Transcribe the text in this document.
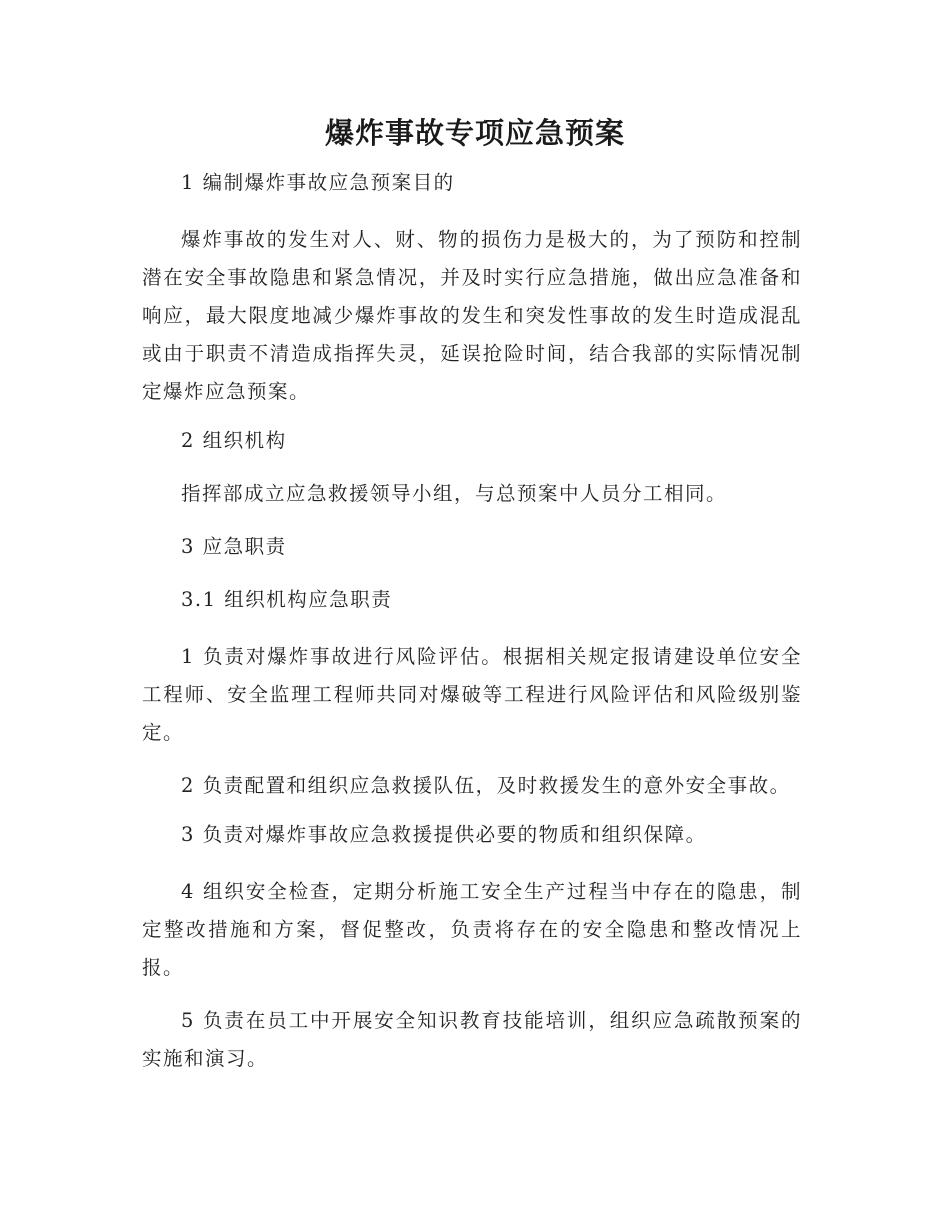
爆炸事故专项应急预案

1 编制爆炸事故应急预案目的

爆炸事故的发生对人、财、物的损伤力是极大的，为了预防和控制潜在安全事故隐患和紧急情况，并及时实行应急措施，做出应急准备和响应，最大限度地减少爆炸事故的发生和突发性事故的发生时造成混乱或由于职责不清造成指挥失灵，延误抢险时间，结合我部的实际情况制定爆炸应急预案。

2 组织机构

指挥部成立应急救援领导小组，与总预案中人员分工相同。

3 应急职责

3.1 组织机构应急职责

1 负责对爆炸事故进行风险评估。根据相关规定报请建设单位安全工程师、安全监理工程师共同对爆破等工程进行风险评估和风险级别鉴定。

2 负责配置和组织应急救援队伍，及时救援发生的意外安全事故。

3 负责对爆炸事故应急救援提供必要的物质和组织保障。

4 组织安全检查，定期分析施工安全生产过程当中存在的隐患，制定整改措施和方案，督促整改，负责将存在的安全隐患和整改情况上报。

5 负责在员工中开展安全知识教育技能培训，组织应急疏散预案的实施和演习。
